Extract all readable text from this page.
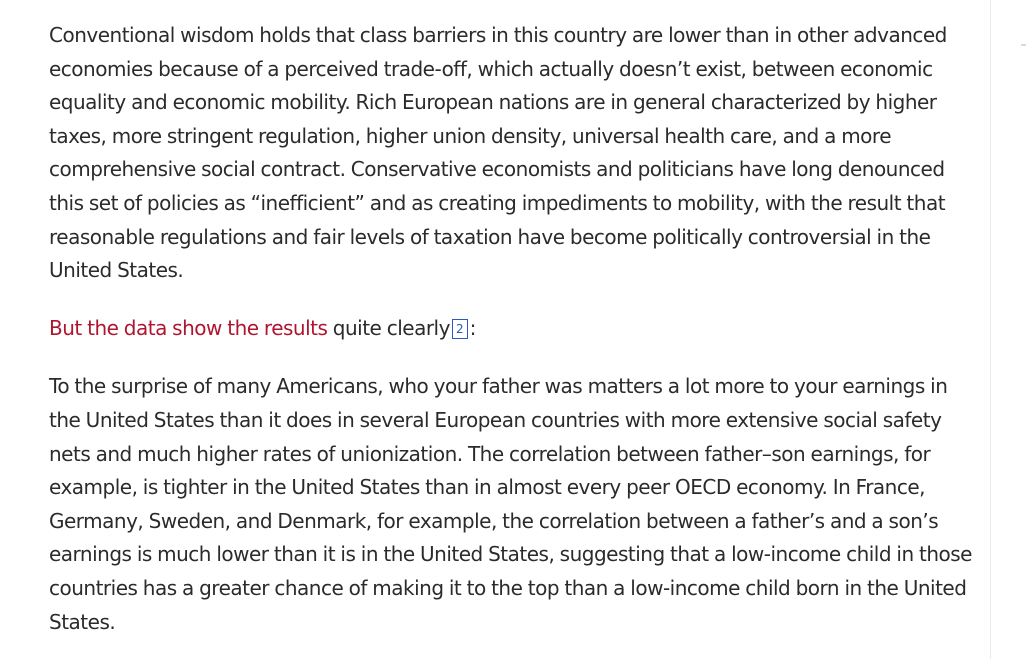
Conventional wisdom holds that class barriers in this country are lower than in other advanced economies because of a perceived trade-off, which actually doesn’t exist, between economic equality and economic mobility. Rich European nations are in general characterized by higher taxes, more stringent regulation, higher union density, universal health care, and a more comprehensive social contract. Conservative economists and politicians have long denounced this set of policies as “inefficient” and as creating impediments to mobility, with the result that reasonable regulations and fair levels of taxation have become politically controversial in the United States.

But the data show the results quite clearly 2 :

To the surprise of many Americans, who your father was matters a lot more to your earnings in the United States than it does in several European countries with more extensive social safety nets and much higher rates of unionization. The correlation between father–son earnings, for example, is tighter in the United States than in almost every peer OECD economy. In France, Germany, Sweden, and Denmark, for example, the correlation between a father’s and a son’s earnings is much lower than it is in the United States, suggesting that a low-income child in those countries has a greater chance of making it to the top than a low-income child born in the United States.
